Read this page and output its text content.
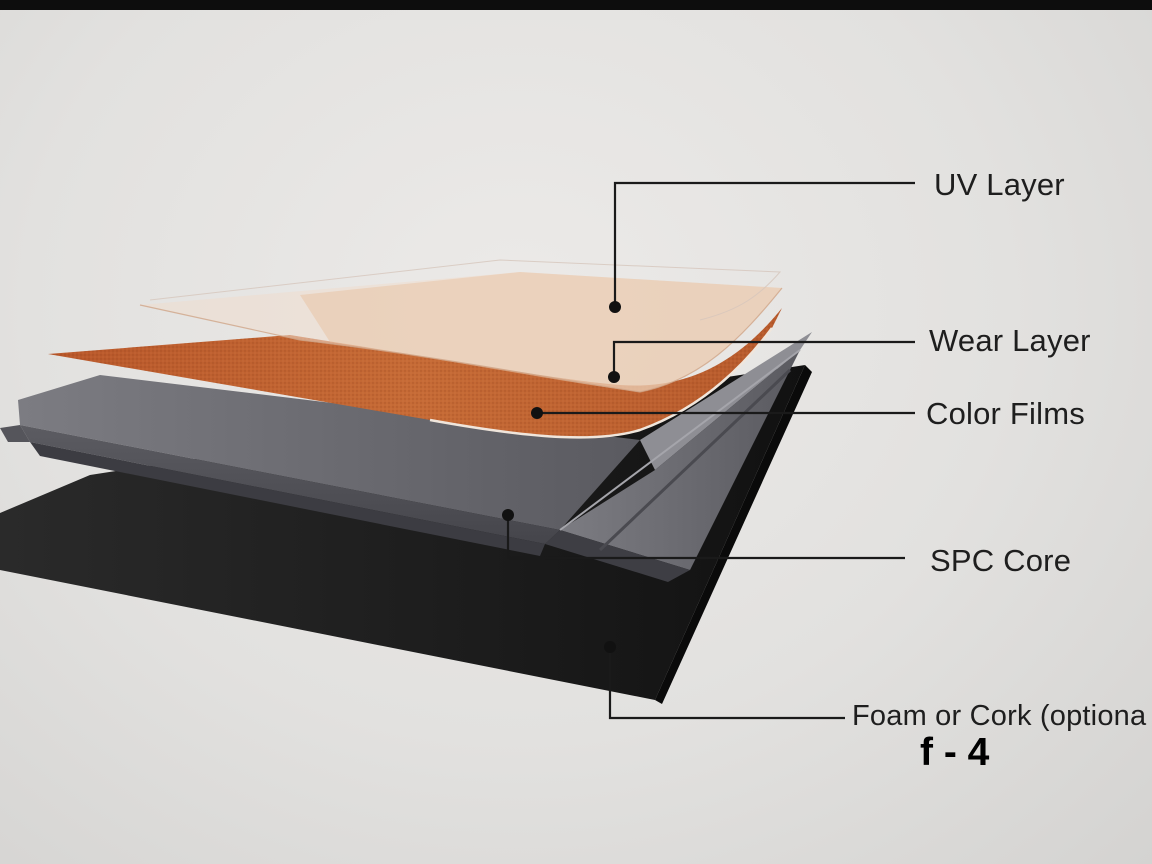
UV Layer
Wear Layer
Color Films
SPC Core
Foam or Cork (optiona
f - 4
